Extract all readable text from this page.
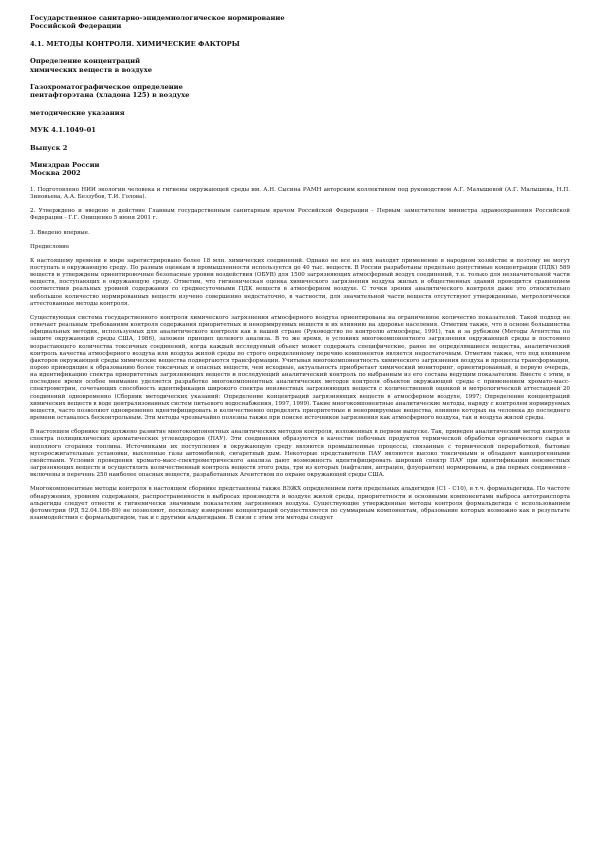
Государственное санитарно-эпидемиологическое нормирование

Российской Федерации

4.1. МЕТОДЫ КОНТРОЛЯ. ХИМИЧЕСКИЕ ФАКТОРЫ

Определение концентраций

химических веществ в воздухе

Газохроматографическое определение

пентафторэтана (хладона 125) в воздухе

методические указания

МУК 4.1.1049-01

Выпуск 2

Минздрав России

Москва 2002

1. Подготовлено НИИ экологии человека и гигиены окружающей среды им. А.Н. Сысина РАМН авторским коллективом под руководством А.Г. Малышевой (А.Г. Малышева, Н.П. Зиновьева, А.А. Беззубов, Т.И. Голова).

2. Утверждено и введено в действие Главным государственным санитарным врачом Российской Федерации - Первым заместителем министра здравоохранения Российской Федерации - Г.Г. Онищенко 5 июня 2001 г.

3. Введено впервые.

Предисловие

К настоящему времени в мире зарегистрировано более 18 млн. химических соединений. Однако не все из них находят применение в народном хозяйстве и поэтому не могут поступать в окружающую среду. По разным оценкам в промышленности используется до 40 тыс. веществ. В России разработаны предельно допустимые концентрации (ПДК) 589 веществ и утверждены ориентировочные безопасные уровни воздействия (ОБУВ) для 1500 загрязняющих атмосферный воздух соединений, т.е. только для незначительной части веществ, поступающих в окружающую среду. Отметим, что гигиеническая оценка химического загрязнения воздуха жилых и общественных зданий проводится сравнением соответствия реальных уровней содержания со среднесуточными ПДК веществ в атмосферном воздухе. С точки зрения аналитического контроля даже это относительно небольшое количество нормированных веществ изучено совершенно недостаточно, в частности, для значительной части веществ отсутствуют утвержденные, метрологически аттестованные методы контроля.

Существующая система государственного контроля химического загрязнения атмосферного воздуха ориентирована на ограниченное количество показателей. Такой подход не отвечает реальным требованиям контроля содержания приоритетных и ненормируемых веществ и их влиянию на здоровье населения. Отметим также, что в основе большинства официальных методик, используемых для аналитического контроля как в нашей стране (Руководство по контролю атмосферы, 1991), так и за рубежом (Методы Агентства по защите окружающей среды США, 1986), заложен принцип целевого анализа. В то же время, в условиях многокомпонентного загрязнения окружающей среды и постоянно возрастающего количества токсичных соединений, когда каждый исследуемый объект может содержать специфические, ранее не определявшиеся вещества, аналитический контроль качества атмосферного воздуха или воздуха жилой среды по строго определенному перечню компонентов является недостаточным. Отметим также, что под влиянием факторов окружающей среды химические вещества подвергаются трансформации. Учитывая многокомпонентность химического загрязнения воздуха и процессы трансформации, порою приводящие к образованию более токсичных и опасных веществ, чем исходные, актуальность приобретает химический мониторинг, ориентированный, в первую очередь, на идентификацию спектра приоритетных загрязняющих веществ и последующий аналитический контроль по выбранным из его состава ведущим показателям. Вместе с этим, в последнее время особое внимание уделяется разработке многокомпонентных аналитических методов контроля объектов окружающей среды с применением хромато-масс-спектрометрии, сочетающих способность идентификации широкого спектра неизвестных загрязняющих веществ с количественной оценкой и метрологической аттестацией 20 соединений одновременно (Сборник методических указаний: Определение концентраций загрязняющих веществ в атмосферном воздухе, 1997; Определение концентраций химических веществ в воде централизованных систем питьевого водоснабжения, 1997, 1999). Такие многокомпонентные аналитические методы, наряду с контролем нормируемых веществ, часто позволяют одновременно идентифицировать и количественно определять приоритетные и ненормируемые вещества, влияние которых на человека до последнего времени оставалось бесконтрольным. Эти методы чрезвычайно полезны также при поиске источников загрязнения как атмосферного воздуха, так и воздуха жилой среды.

В настоящем сборнике продолжено развитие многокомпонентных аналитических методов контроля, изложенных в первом выпуске. Так, приведен аналитический метод контроля спектра полициклических ароматических углеводородов (ПАУ). Эти соединения образуются в качестве побочных продуктов термической обработки органического сырья и неполного сгорания топлива. Источниками их поступления в окружающую среду являются промышленные процессы, связанные с термической переработкой, бытовые мусоросжигательные установки, выхлопные газы автомобилей, сигаретный дым. Некоторые представители ПАУ являются высоко токсичными и обладают канцерогенными свойствами. Условия проведения хромато-масс-спектрометрического анализа дают возможность идентифицировать широкий спектр ПАУ при идентификации неизвестных загрязняющих веществ и осуществлять количественный контроль веществ этого ряда, три из которых (нафталин, антрацен, флуорантен) нормированы, а два первых соединения - включены в перечень 250 наиболее опасных веществ, разработанных Агентством по охране окружающей среды США.

Многокомпонентные методы контроля в настоящем сборнике представлены также ВЭЖХ определением пяти предельных альдегидов (С1 - С10), в т.ч. формальдегида. По частоте обнаружения, уровням содержания, распространенности в выбросах производств и воздухе жилой среды, приоритетности и основными компонентами выброса автотранспорта альдегиды следует отнести к гигиенически значимым показателям загрязнения воздуха. Существующие утвержденные методы контроля формальдегида с использованием фотометрии (РД 52.04.186-89) не позволяют, поскольку измерение концентраций осуществляется по суммарным компонентам, образование которых возможно как в результате взаимодействия с формальдегидом, так и с другими альдегидами. В связи с этим эти методы следует
